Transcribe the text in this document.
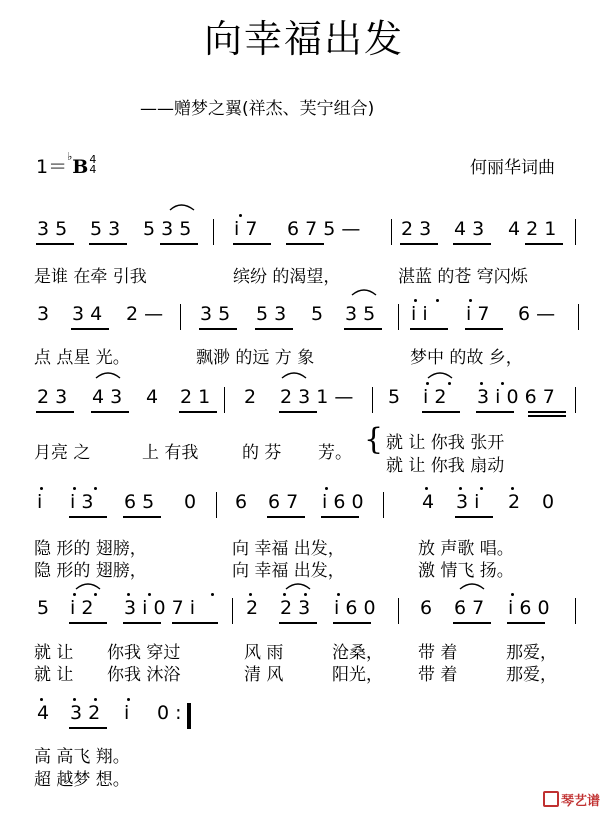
向幸福出发
——赠梦之翼(祥杰、芙宁组合)
1＝♭B4
4	何丽华词曲
3 5 5 3 5 3 5 i 7 6 7 5 — 2 3 4 3 4 2 1
是谁 在牵 引我	缤纷 的渴望，	湛蓝 的苍 穹闪烁
3 3 4 2 — 3 5 5 3 5 3 5 i i i 7 6 —
点 点星 光。	飘渺 的远 方 象	梦中 的故 乡，
2 3 4 3 4 2 1 2 2 3 1 — 5 i 2 3 i 0 6 7
月亮 之	上 有我	的 芬 芳。 { 就 让 你我 张开
就 让 你我 扇动
i i 3 6 5 0 6 6 7 i 6 0	4 3 i 2 0
隐 形的 翅膀，	向 幸福 出发，	放 声歌 唱。
隐 形的 翅膀，	向 幸福 出发，	激 情飞 扬。
5 i 2 3 i 0 7 i	2 2 3 i 6 0 6 6 7 i 6 0
就 让 你我 穿过	风 雨	沧桑， 带 着	那爱，
就 让 你我 沐浴	清 风	阳光， 带 着	那爱，
4 3 2 i 0 :
高 高飞 翔。
超 越梦 想。
琴艺谱
